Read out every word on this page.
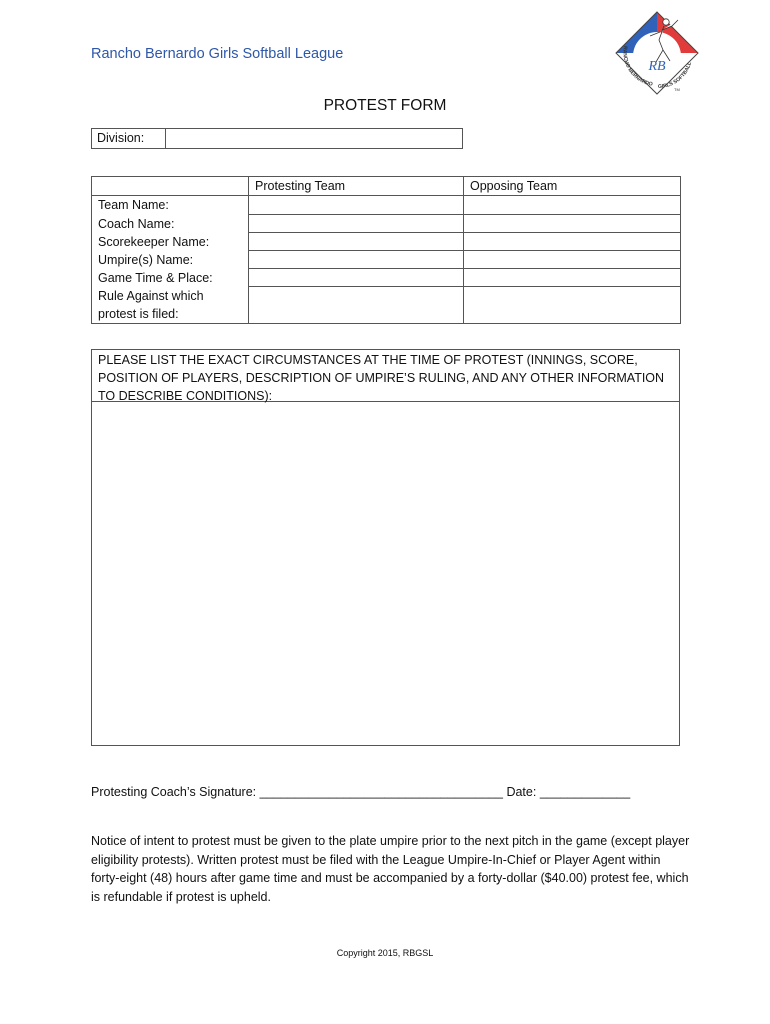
Rancho Bernardo Girls Softball League
RB
RANCHO BERNARDO GIRLS SOFTBALL
TM
PROTEST FORM
Division:
	Protesting Team	Opposing Team
Team Name:		
Coach Name:		
Scorekeeper Name:		
Umpire(s) Name:		
Game Time & Place:		
Rule Against which protest is filed:		
PLEASE LIST THE EXACT CIRCUMSTANCES AT THE TIME OF PROTEST (INNINGS, SCORE, POSITION OF PLAYERS, DESCRIPTION OF UMPIRE’S RULING, AND ANY OTHER INFORMATION TO DESCRIBE CONDITIONS):
Protesting Coach’s Signature: ___________________________________ Date: _____________
Notice of intent to protest must be given to the plate umpire prior to the next pitch in the game (except player eligibility protests). Written protest must be filed with the League Umpire-In-Chief or Player Agent within forty-eight (48) hours after game time and must be accompanied by a forty-dollar ($40.00) protest fee, which is refundable if protest is upheld.
Copyright 2015, RBGSL
